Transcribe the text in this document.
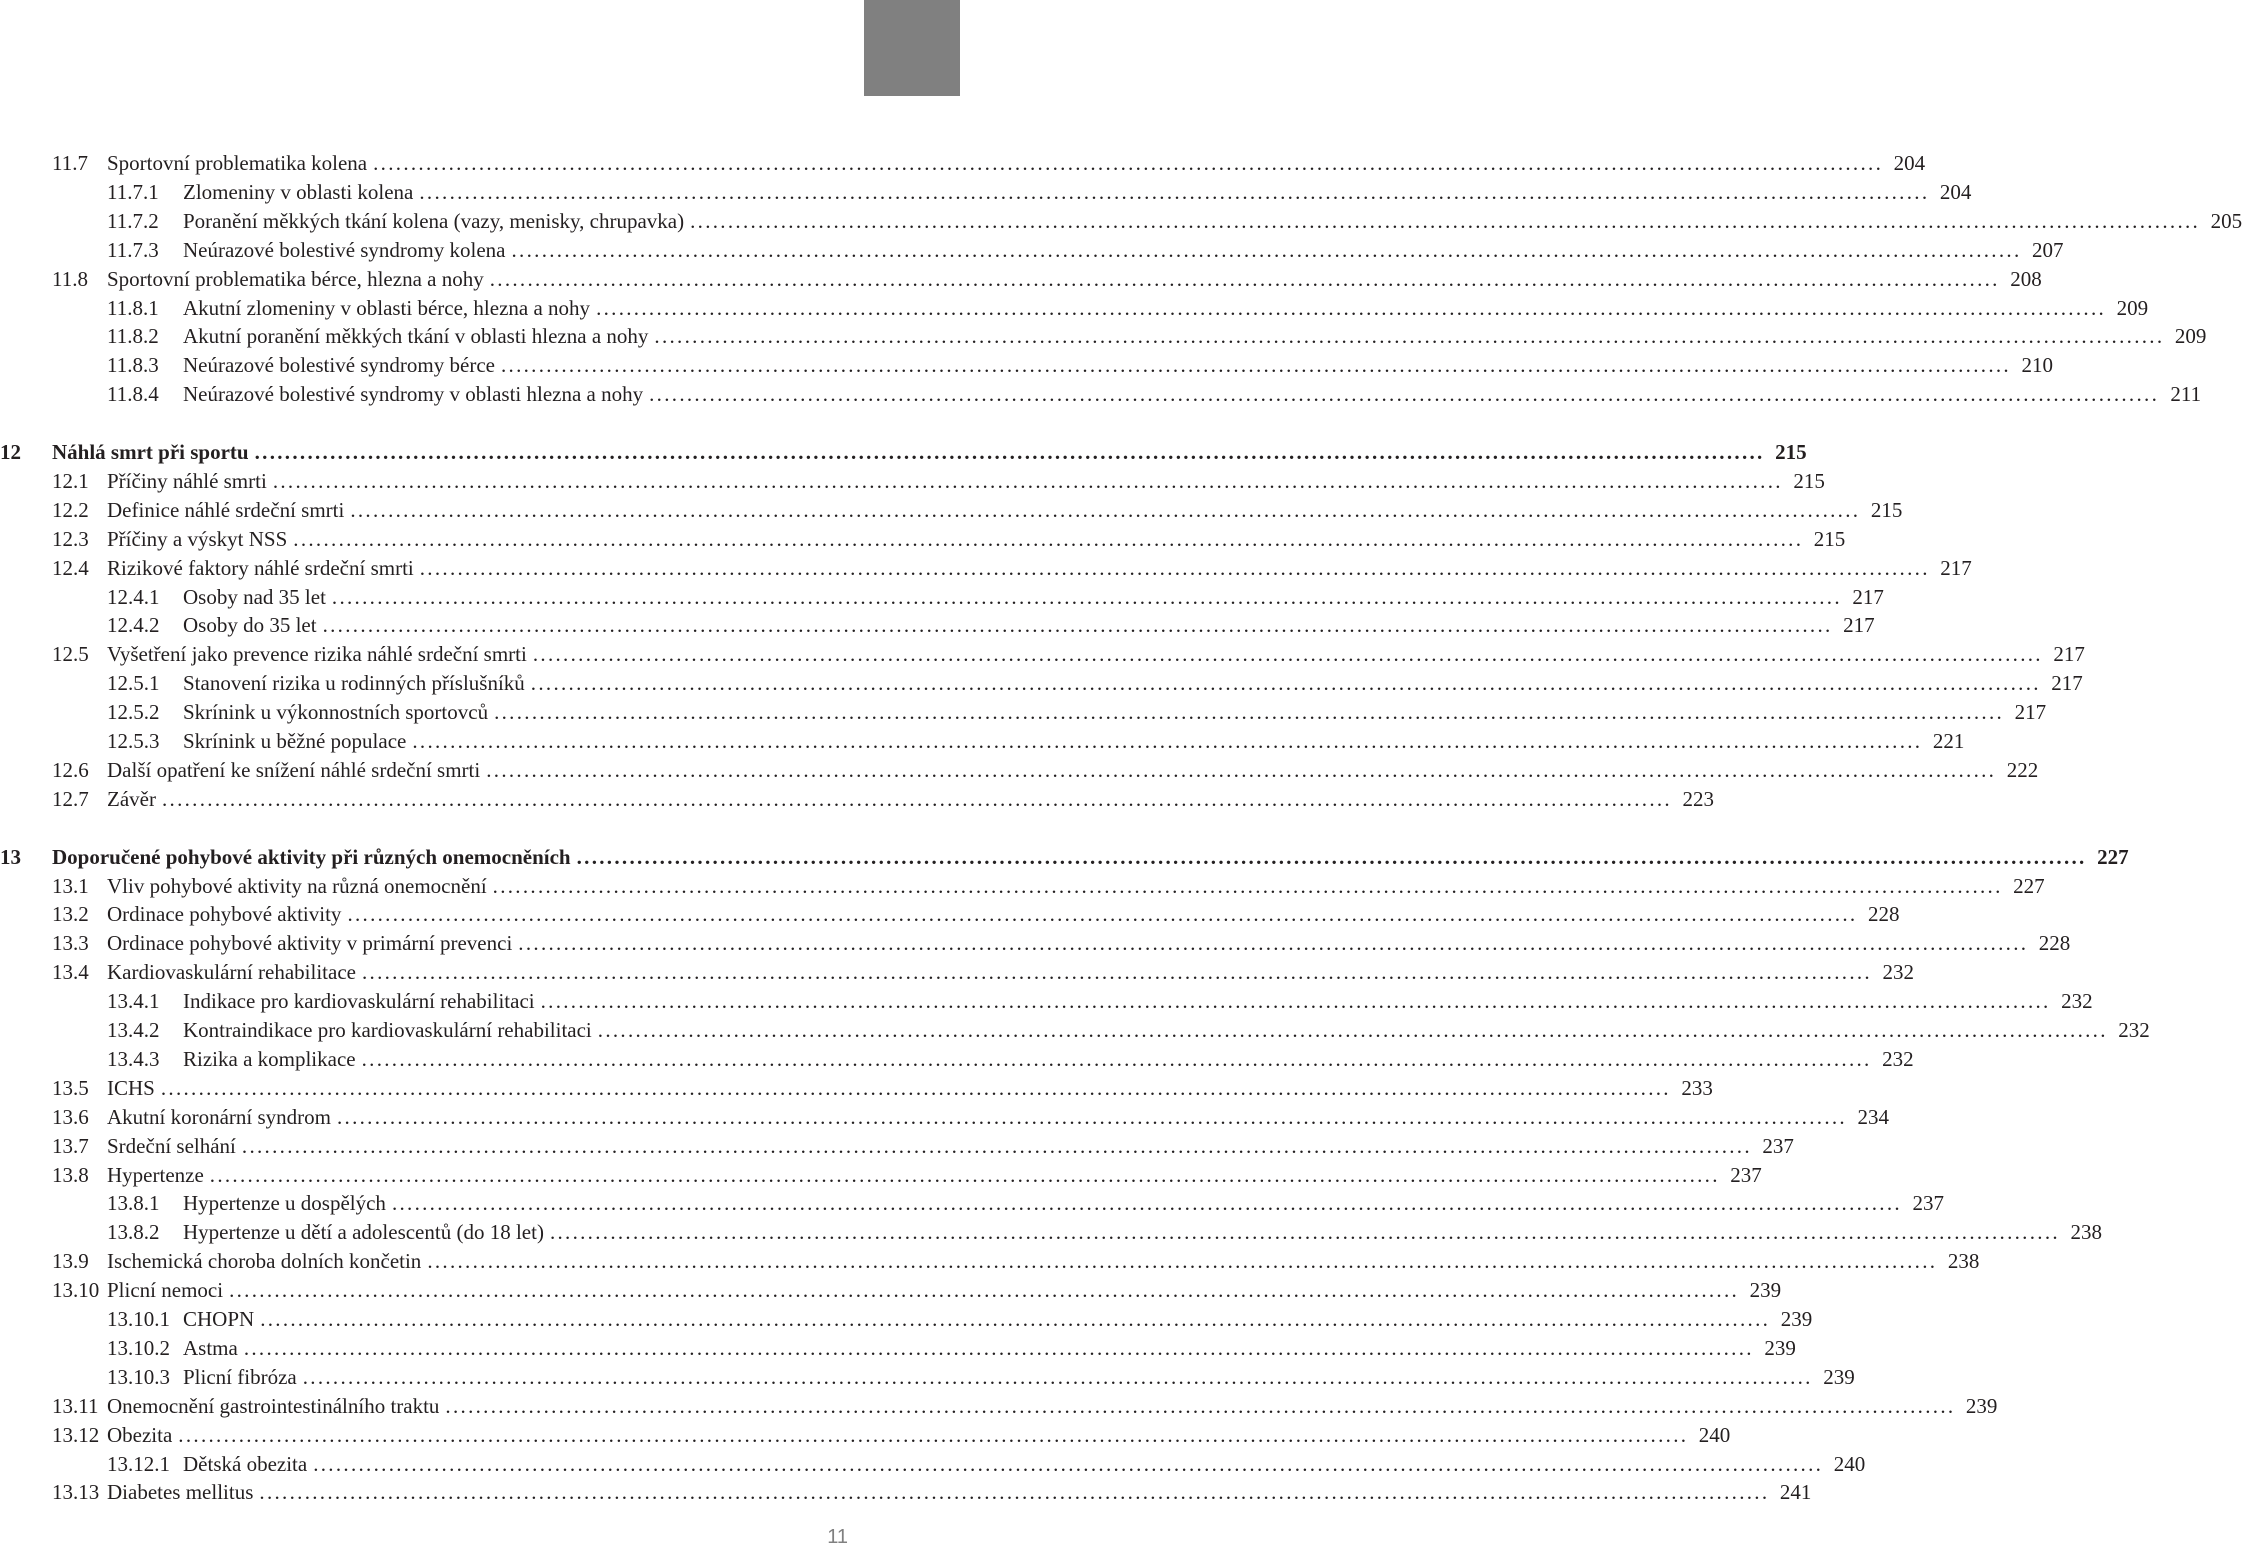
11.7 Sportovní problematika kolena ........................................................................................................................................................................................................ 204
11.7.1	Zlomeniny v oblasti kolena ........................................................................................................................................................................................................ 204
11.7.2	Poranění měkkých tkání kolena (vazy, menisky, chrupavka) ........................................................................................................................................................................................................ 205
11.7.3	Neúrazové bolestivé syndromy kolena ........................................................................................................................................................................................................ 207
11.8 Sportovní problematika bérce, hlezna a nohy ........................................................................................................................................................................................................ 208
11.8.1	Akutní zlomeniny v oblasti bérce, hlezna a nohy ........................................................................................................................................................................................................ 209
11.8.2	Akutní poranění měkkých tkání v oblasti hlezna a nohy ........................................................................................................................................................................................................ 209
11.8.3	Neúrazové bolestivé syndromy bérce ........................................................................................................................................................................................................ 210
11.8.4	Neúrazové bolestivé syndromy v oblasti hlezna a nohy ........................................................................................................................................................................................................ 211
12	Náhlá smrt při sportu ........................................................................................................................................................................................................ 215
12.1 Příčiny náhlé smrti ........................................................................................................................................................................................................ 215
12.2 Definice náhlé srdeční smrti ........................................................................................................................................................................................................ 215
12.3 Příčiny a výskyt NSS ........................................................................................................................................................................................................ 215
12.4 Rizikové faktory náhlé srdeční smrti ........................................................................................................................................................................................................ 217
12.4.1	Osoby nad 35 let ........................................................................................................................................................................................................ 217
12.4.2	Osoby do 35 let ........................................................................................................................................................................................................ 217
12.5 Vyšetření jako prevence rizika náhlé srdeční smrti ........................................................................................................................................................................................................ 217
12.5.1	Stanovení rizika u rodinných příslušníků ........................................................................................................................................................................................................ 217
12.5.2	Skrínink u výkonnostních sportovců ........................................................................................................................................................................................................ 217
12.5.3	Skrínink u běžné populace ........................................................................................................................................................................................................ 221
12.6 Další opatření ke snížení náhlé srdeční smrti ........................................................................................................................................................................................................ 222
12.7 Závěr ........................................................................................................................................................................................................ 223
13	Doporučené pohybové aktivity při různých onemocněních ........................................................................................................................................................................................................ 227
13.1 Vliv pohybové aktivity na různá onemocnění ........................................................................................................................................................................................................ 227
13.2 Ordinace pohybové aktivity ........................................................................................................................................................................................................ 228
13.3 Ordinace pohybové aktivity v primární prevenci ........................................................................................................................................................................................................ 228
13.4 Kardiovaskulární rehabilitace ........................................................................................................................................................................................................ 232
13.4.1	Indikace pro kardiovaskulární rehabilitaci ........................................................................................................................................................................................................ 232
13.4.2	Kontraindikace pro kardiovaskulární rehabilitaci ........................................................................................................................................................................................................ 232
13.4.3	Rizika a komplikace ........................................................................................................................................................................................................ 232
13.5 ICHS ........................................................................................................................................................................................................ 233
13.6 Akutní koronární syndrom ........................................................................................................................................................................................................ 234
13.7 Srdeční selhání ........................................................................................................................................................................................................ 237
13.8 Hypertenze ........................................................................................................................................................................................................ 237
13.8.1	Hypertenze u dospělých ........................................................................................................................................................................................................ 237
13.8.2	Hypertenze u dětí a adolescentů (do 18 let) ........................................................................................................................................................................................................ 238
13.9 Ischemická choroba dolních končetin ........................................................................................................................................................................................................ 238
13.10 Plicní nemoci ........................................................................................................................................................................................................ 239
13.10.1 CHOPN ........................................................................................................................................................................................................ 239
13.10.2 Astma ........................................................................................................................................................................................................ 239
13.10.3 Plicní fibróza ........................................................................................................................................................................................................ 239
13.11 Onemocnění gastrointestinálního traktu ........................................................................................................................................................................................................ 239
13.12 Obezita ........................................................................................................................................................................................................ 240
13.12.1 Dětská obezita ........................................................................................................................................................................................................ 240
13.13 Diabetes mellitus ........................................................................................................................................................................................................ 241
11
